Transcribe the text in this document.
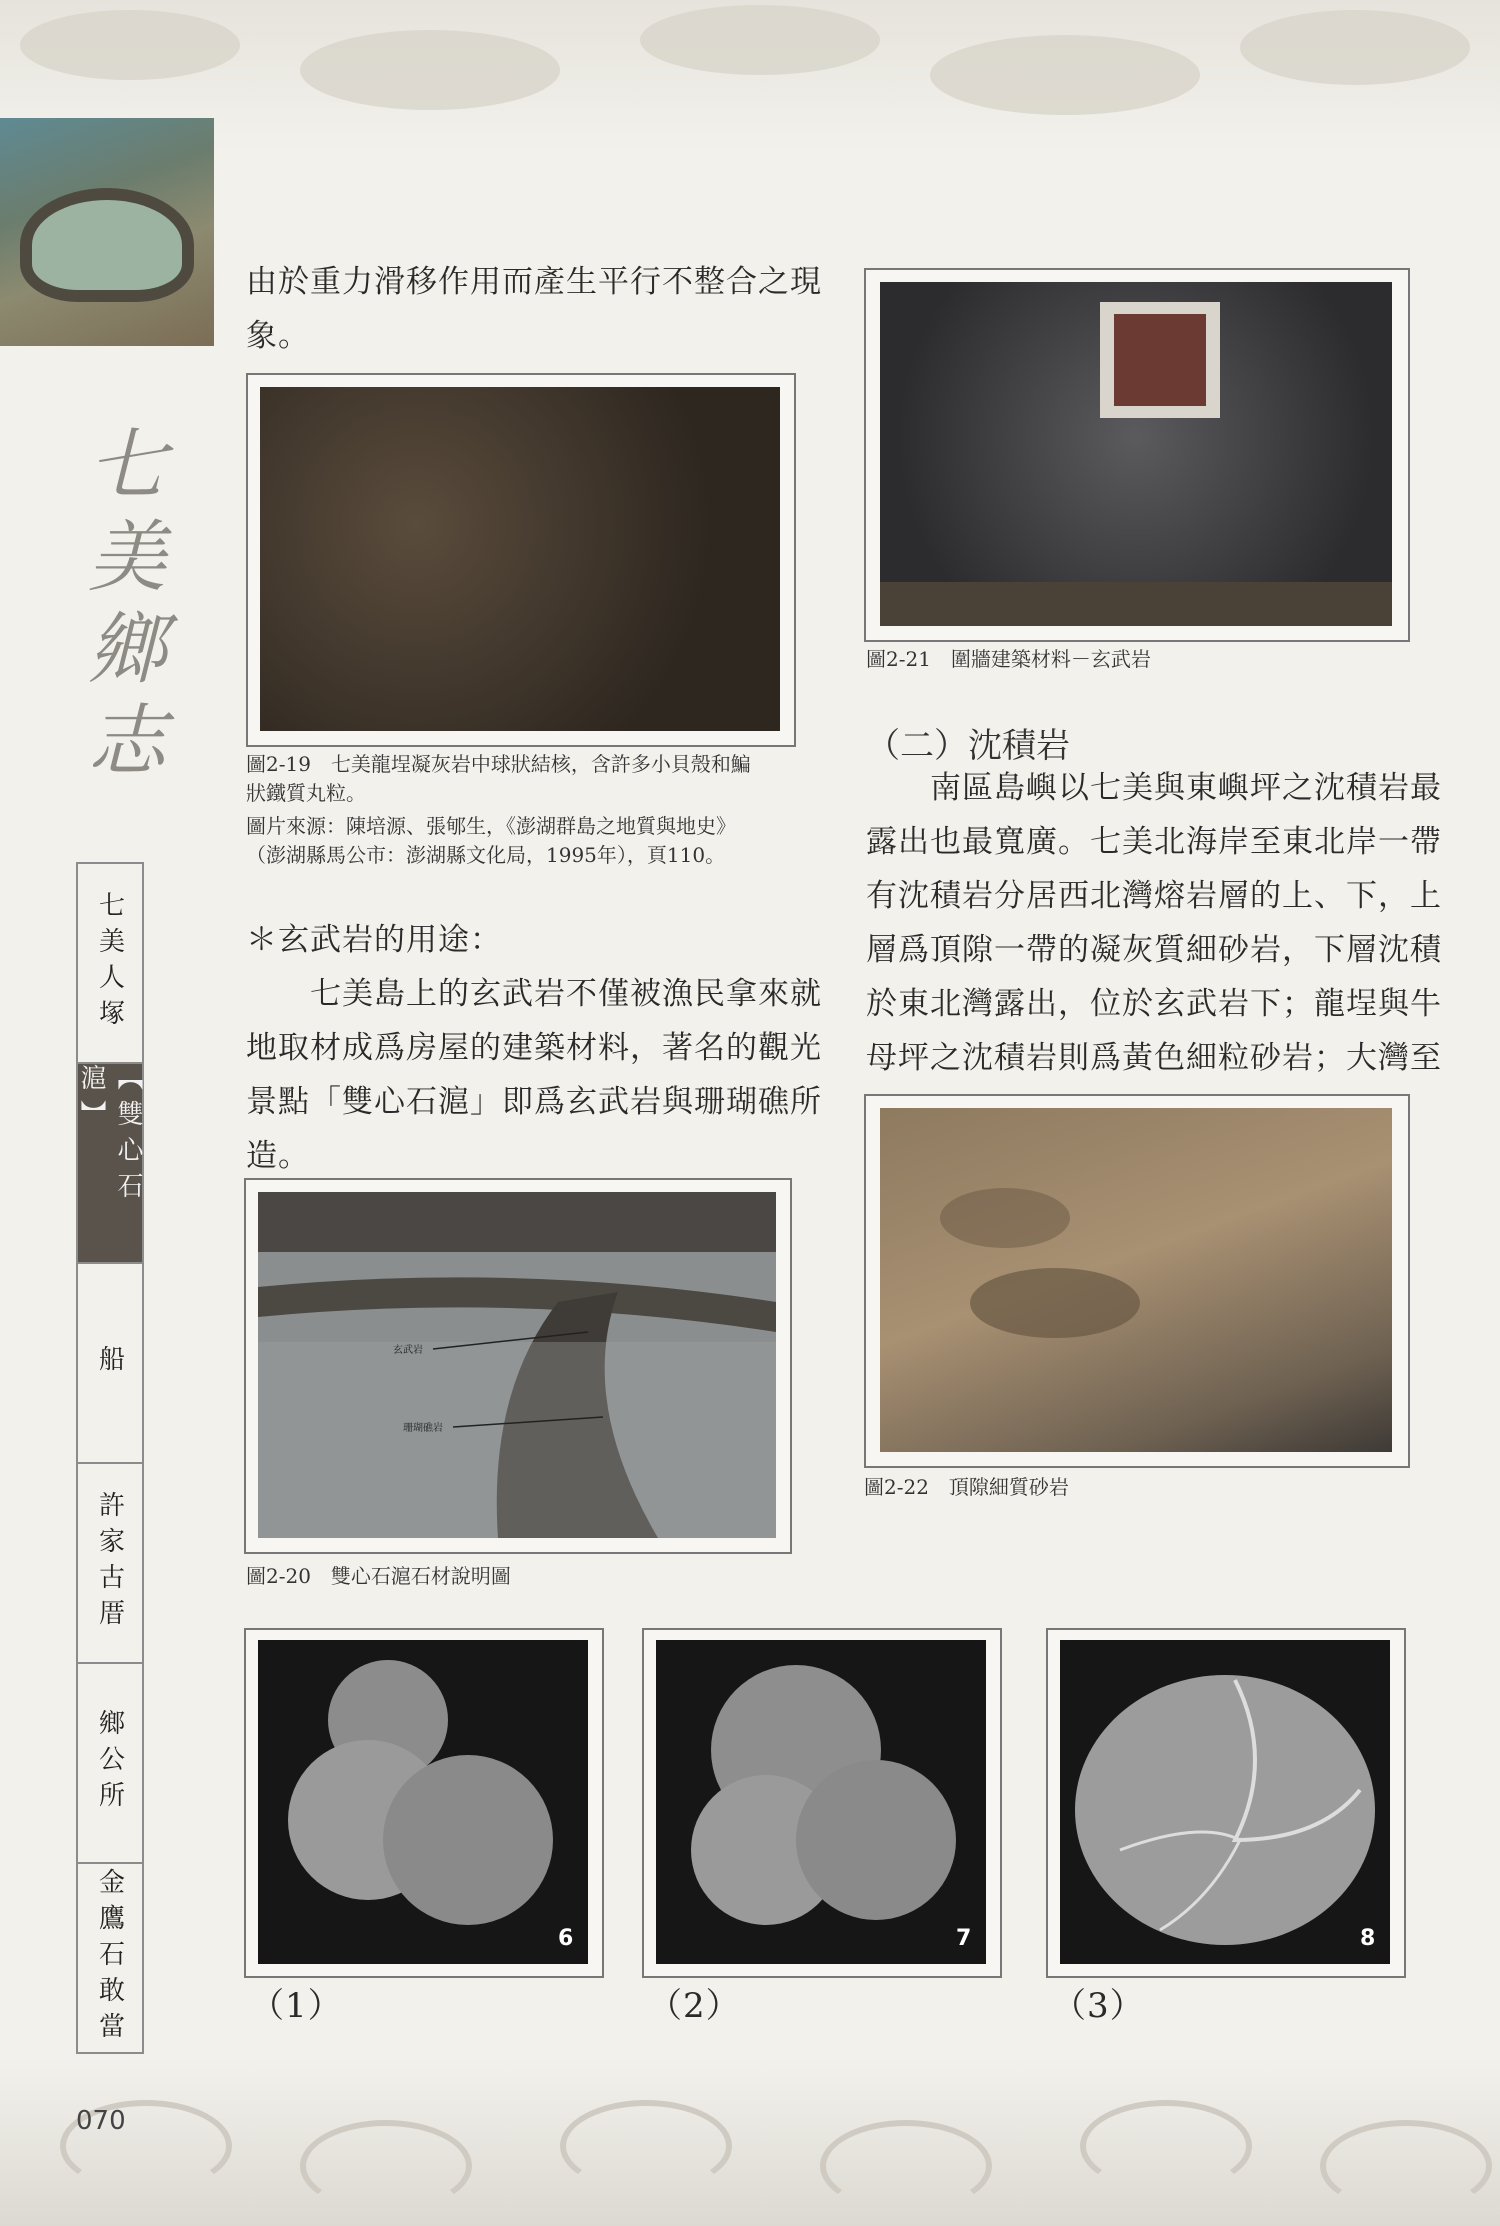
七
美
鄉
志
七美人塚
【雙心石滬】
船
許家古厝
鄉公所
金鷹石敢當
由於重力滑移作用而產生平行不整合之現
象。
圖2-19　七美龍埕凝灰岩中球狀結核，含許多小貝殼和鯿
狀鐵質丸粒。
圖片來源：陳培源、張郇生，《澎湖群島之地質與地史》
（澎湖縣馬公市：澎湖縣文化局，1995年），頁110。
＊玄武岩的用途：
　　七美島上的玄武岩不僅被漁民拿來就
地取材成爲房屋的建築材料，著名的觀光
景點「雙心石滬」即爲玄武岩與珊瑚礁所
造。
玄武岩
珊瑚礁岩
圖2-20　雙心石滬石材說明圖
圖2-21　圍牆建築材料－玄武岩
（二）沈積岩
　　南區島嶼以七美與東嶼坪之沈積岩最
露出也最寬廣。七美北海岸至東北岸一帶
有沈積岩分居西北灣熔岩層的上、下，上
層爲頂隙一帶的凝灰質細砂岩，下層沈積
於東北灣露出，位於玄武岩下；龍埕與牛
母坪之沈積岩則爲黃色細粒砂岩；大灣至
圖2-22　頂隙細質砂岩
6	7	8
（1）	（2）	（3）
070
